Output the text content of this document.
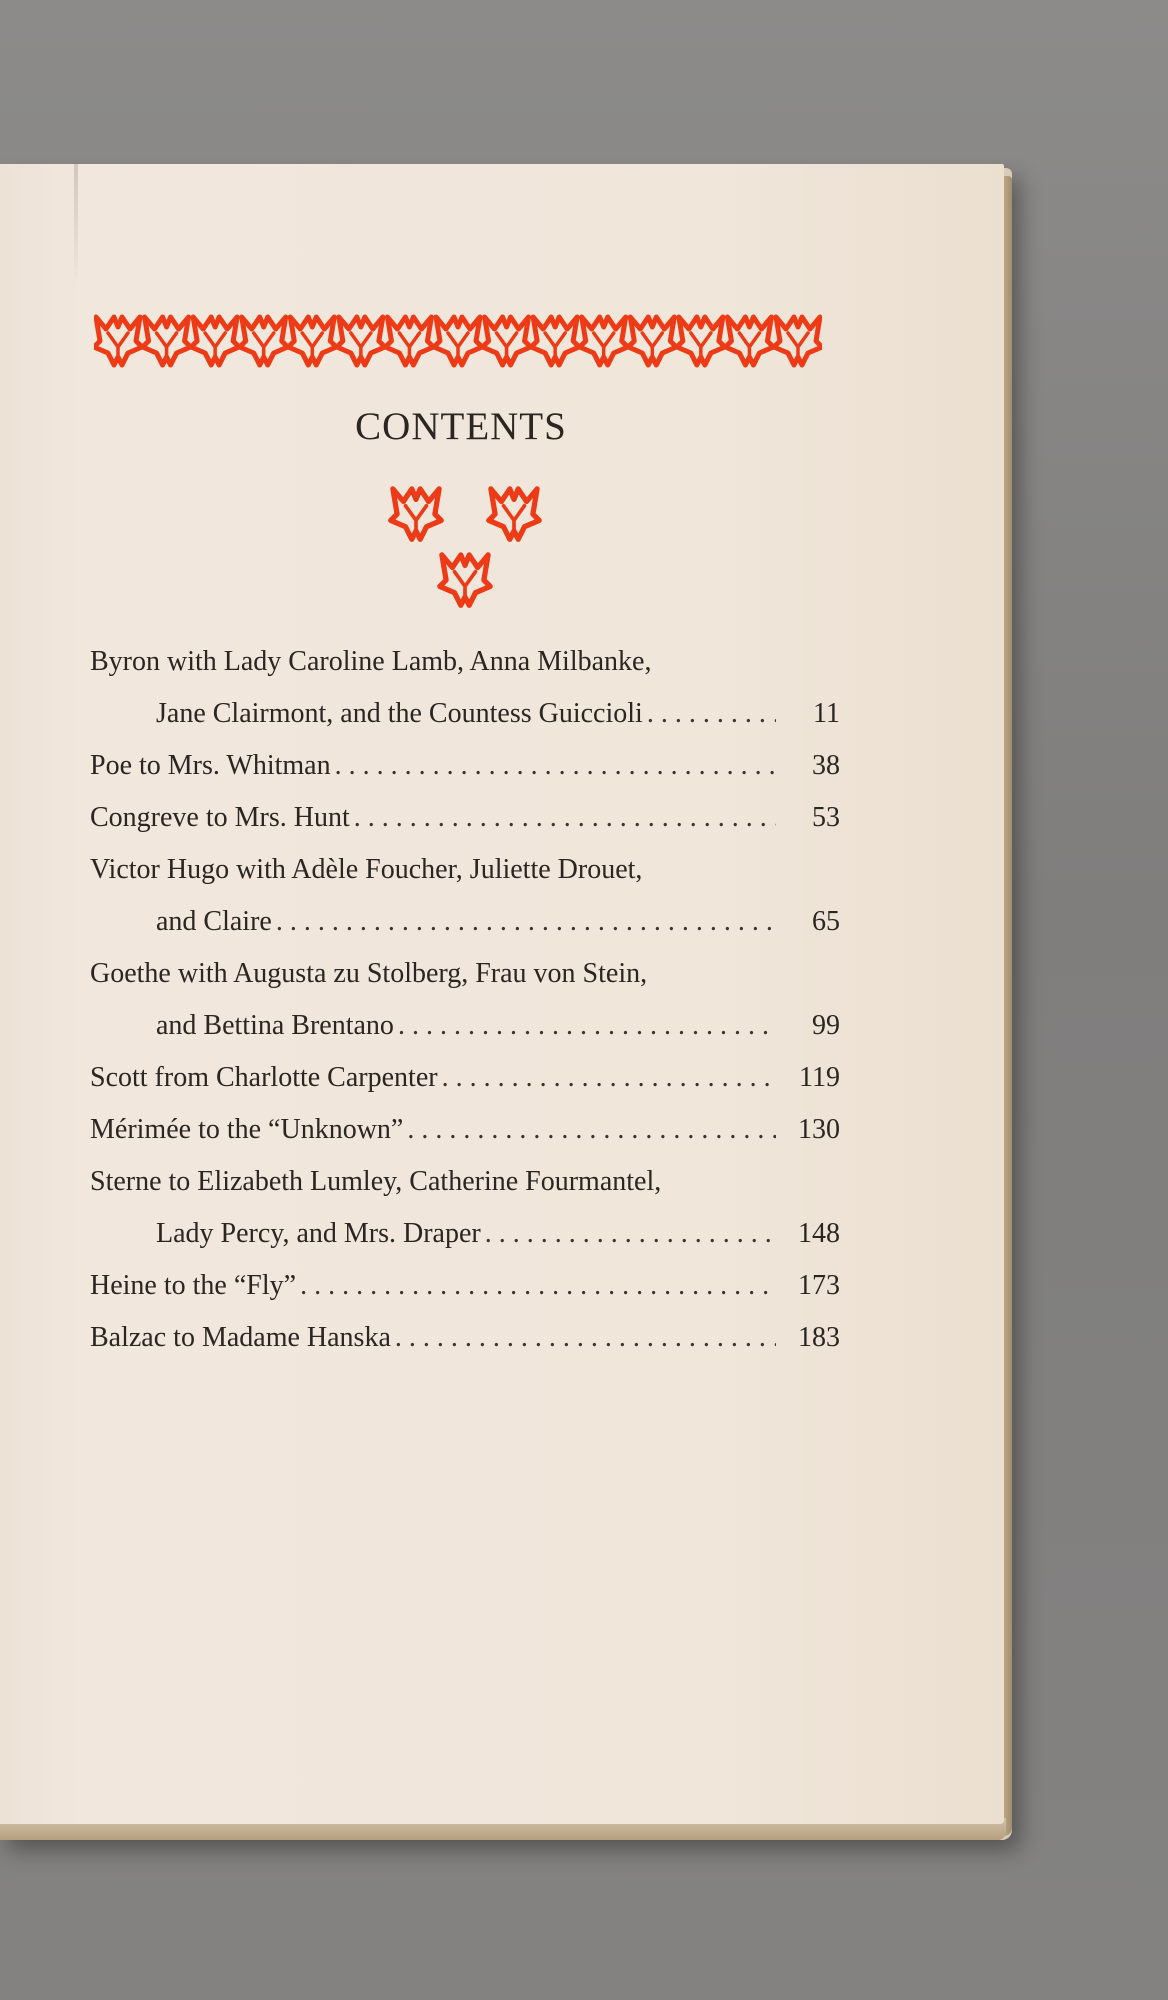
CONTENTS
Byron with Lady Caroline Lamb, Anna Milbanke,
Jane Clairmont, and the Countess Guiccioli . . .	11
Poe to Mrs. Whitman . . .	38
Congreve to Mrs. Hunt . . .	53
Victor Hugo with Adèle Foucher, Juliette Drouet,
and Claire . . .	65
Goethe with Augusta zu Stolberg, Frau von Stein,
and Bettina Brentano . . .	99
Scott from Charlotte Carpenter . . .	119
Mérimée to the “Unknown” . . .	130
Sterne to Elizabeth Lumley, Catherine Fourmantel,
Lady Percy, and Mrs. Draper . . .	148
Heine to the “Fly” . . .	173
Balzac to Madame Hanska . . .	183
